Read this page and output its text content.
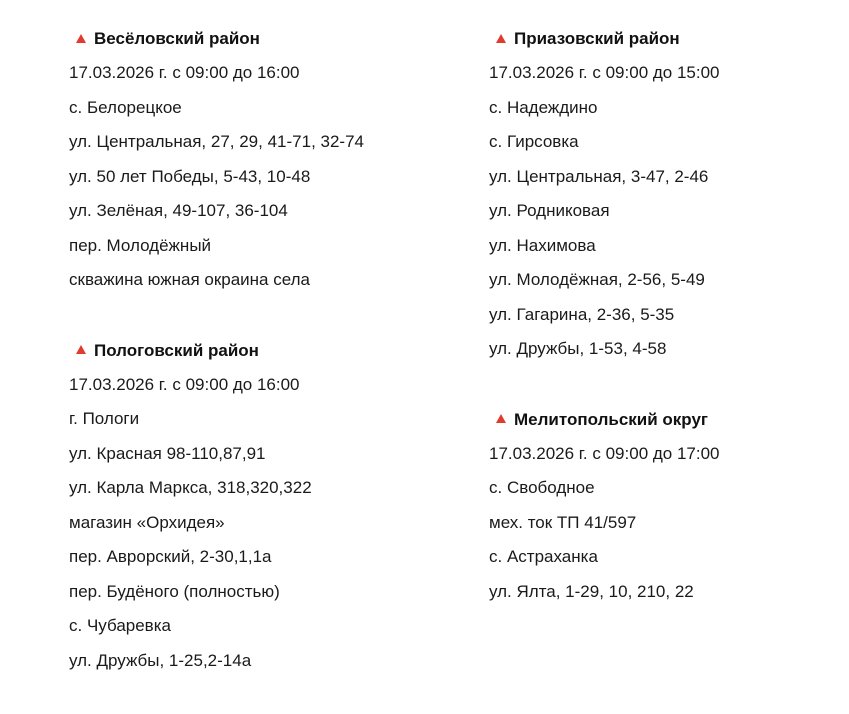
Весёловский район
17.03.2026 г. с 09:00 до 16:00
с. Белорецкое
ул. Центральная, 27, 29, 41-71, 32-74
ул. 50 лет Победы, 5-43, 10-48
ул. Зелёная, 49-107, 36-104
пер. Молодёжный
скважина южная окраина села
Пологовский район
17.03.2026 г. с 09:00 до 16:00
г. Пологи
ул. Красная 98-110,87,91
ул. Карла Маркса, 318,320,322
магазин «Орхидея»
пер. Аврорский, 2-30,1,1а
пер. Будёного (полностью)
с. Чубаревка
ул. Дружбы, 1-25,2-14а
Приазовский район
17.03.2026 г. с 09:00 до 15:00
с. Надеждино
с. Гирсовка
ул. Центральная, 3-47, 2-46
ул. Родниковая
ул. Нахимова
ул. Молодёжная, 2-56, 5-49
ул. Гагарина, 2-36, 5-35
ул. Дружбы, 1-53, 4-58
Мелитопольский округ
17.03.2026 г. с 09:00 до 17:00
с. Свободное
мех. ток ТП 41/597
с. Астраханка
ул. Ялта, 1-29, 10, 210, 22
